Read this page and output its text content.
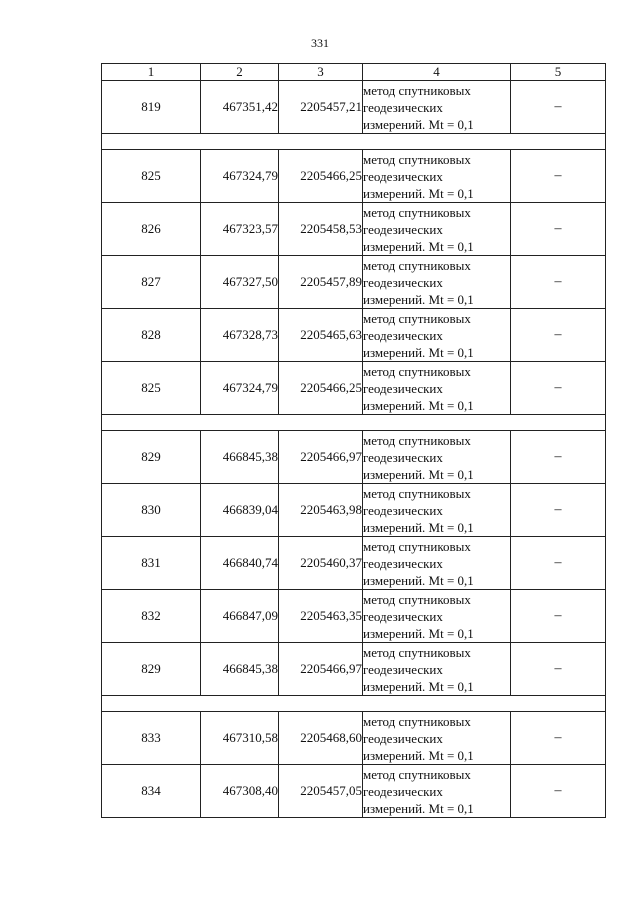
331
1	2	3	4	5
819	467351,42	2205457,21	метод спутниковых
геодезических
измерений. Mt = 0,1	–

825	467324,79	2205466,25	метод спутниковых
геодезических
измерений. Mt = 0,1	–
826	467323,57	2205458,53	метод спутниковых
геодезических
измерений. Mt = 0,1	–
827	467327,50	2205457,89	метод спутниковых
геодезических
измерений. Mt = 0,1	–
828	467328,73	2205465,63	метод спутниковых
геодезических
измерений. Mt = 0,1	–
825	467324,79	2205466,25	метод спутниковых
геодезических
измерений. Mt = 0,1	–

829	466845,38	2205466,97	метод спутниковых
геодезических
измерений. Mt = 0,1	–
830	466839,04	2205463,98	метод спутниковых
геодезических
измерений. Mt = 0,1	–
831	466840,74	2205460,37	метод спутниковых
геодезических
измерений. Mt = 0,1	–
832	466847,09	2205463,35	метод спутниковых
геодезических
измерений. Mt = 0,1	–
829	466845,38	2205466,97	метод спутниковых
геодезических
измерений. Mt = 0,1	–

833	467310,58	2205468,60	метод спутниковых
геодезических
измерений. Mt = 0,1	–
834	467308,40	2205457,05	метод спутниковых
геодезических
измерений. Mt = 0,1	–
